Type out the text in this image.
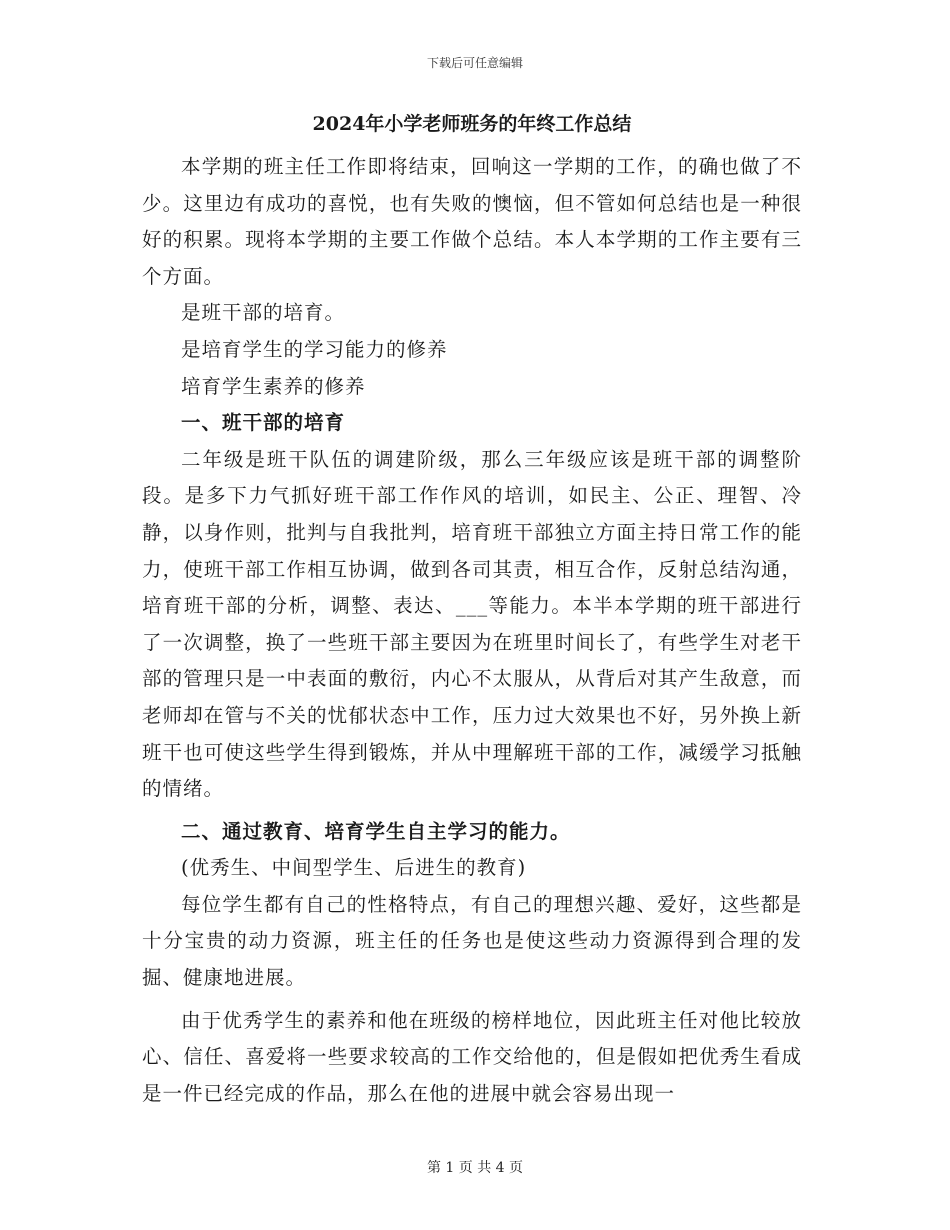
下载后可任意编辑
2024年小学老师班务的年终工作总结

本学期的班主任工作即将结束，回响这一学期的工作，的确也做了不少。这里边有成功的喜悦，也有失败的懊恼，但不管如何总结也是一种很好的积累。现将本学期的主要工作做个总结。本人本学期的工作主要有三个方面。

是班干部的培育。

是培育学生的学习能力的修养

培育学生素养的修养

一、班干部的培育

二年级是班干队伍的调建阶级，那么三年级应该是班干部的调整阶段。是多下力气抓好班干部工作作风的培训，如民主、公正、理智、冷静，以身作则，批判与自我批判，培育班干部独立方面主持日常工作的能力，使班干部工作相互协调，做到各司其责，相互合作，反射总结沟通，培育班干部的分析，调整、表达、___等能力。本半本学期的班干部进行了一次调整，换了一些班干部主要因为在班里时间长了，有些学生对老干部的管理只是一中表面的敷衍，内心不太服从，从背后对其产生敌意，而老师却在管与不关的忧郁状态中工作，压力过大效果也不好，另外换上新班干也可使这些学生得到锻炼，并从中理解班干部的工作，减缓学习抵触的情绪。

二、通过教育、培育学生自主学习的能力。

(优秀生、中间型学生、后进生的教育)

每位学生都有自己的性格特点，有自己的理想兴趣、爱好，这些都是十分宝贵的动力资源，班主任的任务也是使这些动力资源得到合理的发掘、健康地进展。

由于优秀学生的素养和他在班级的榜样地位，因此班主任对他比较放心、信任、喜爱将一些要求较高的工作交给他的，但是假如把优秀生看成是一件已经完成的作品，那么在他的进展中就会容易出现一

第 1 页 共 4 页
